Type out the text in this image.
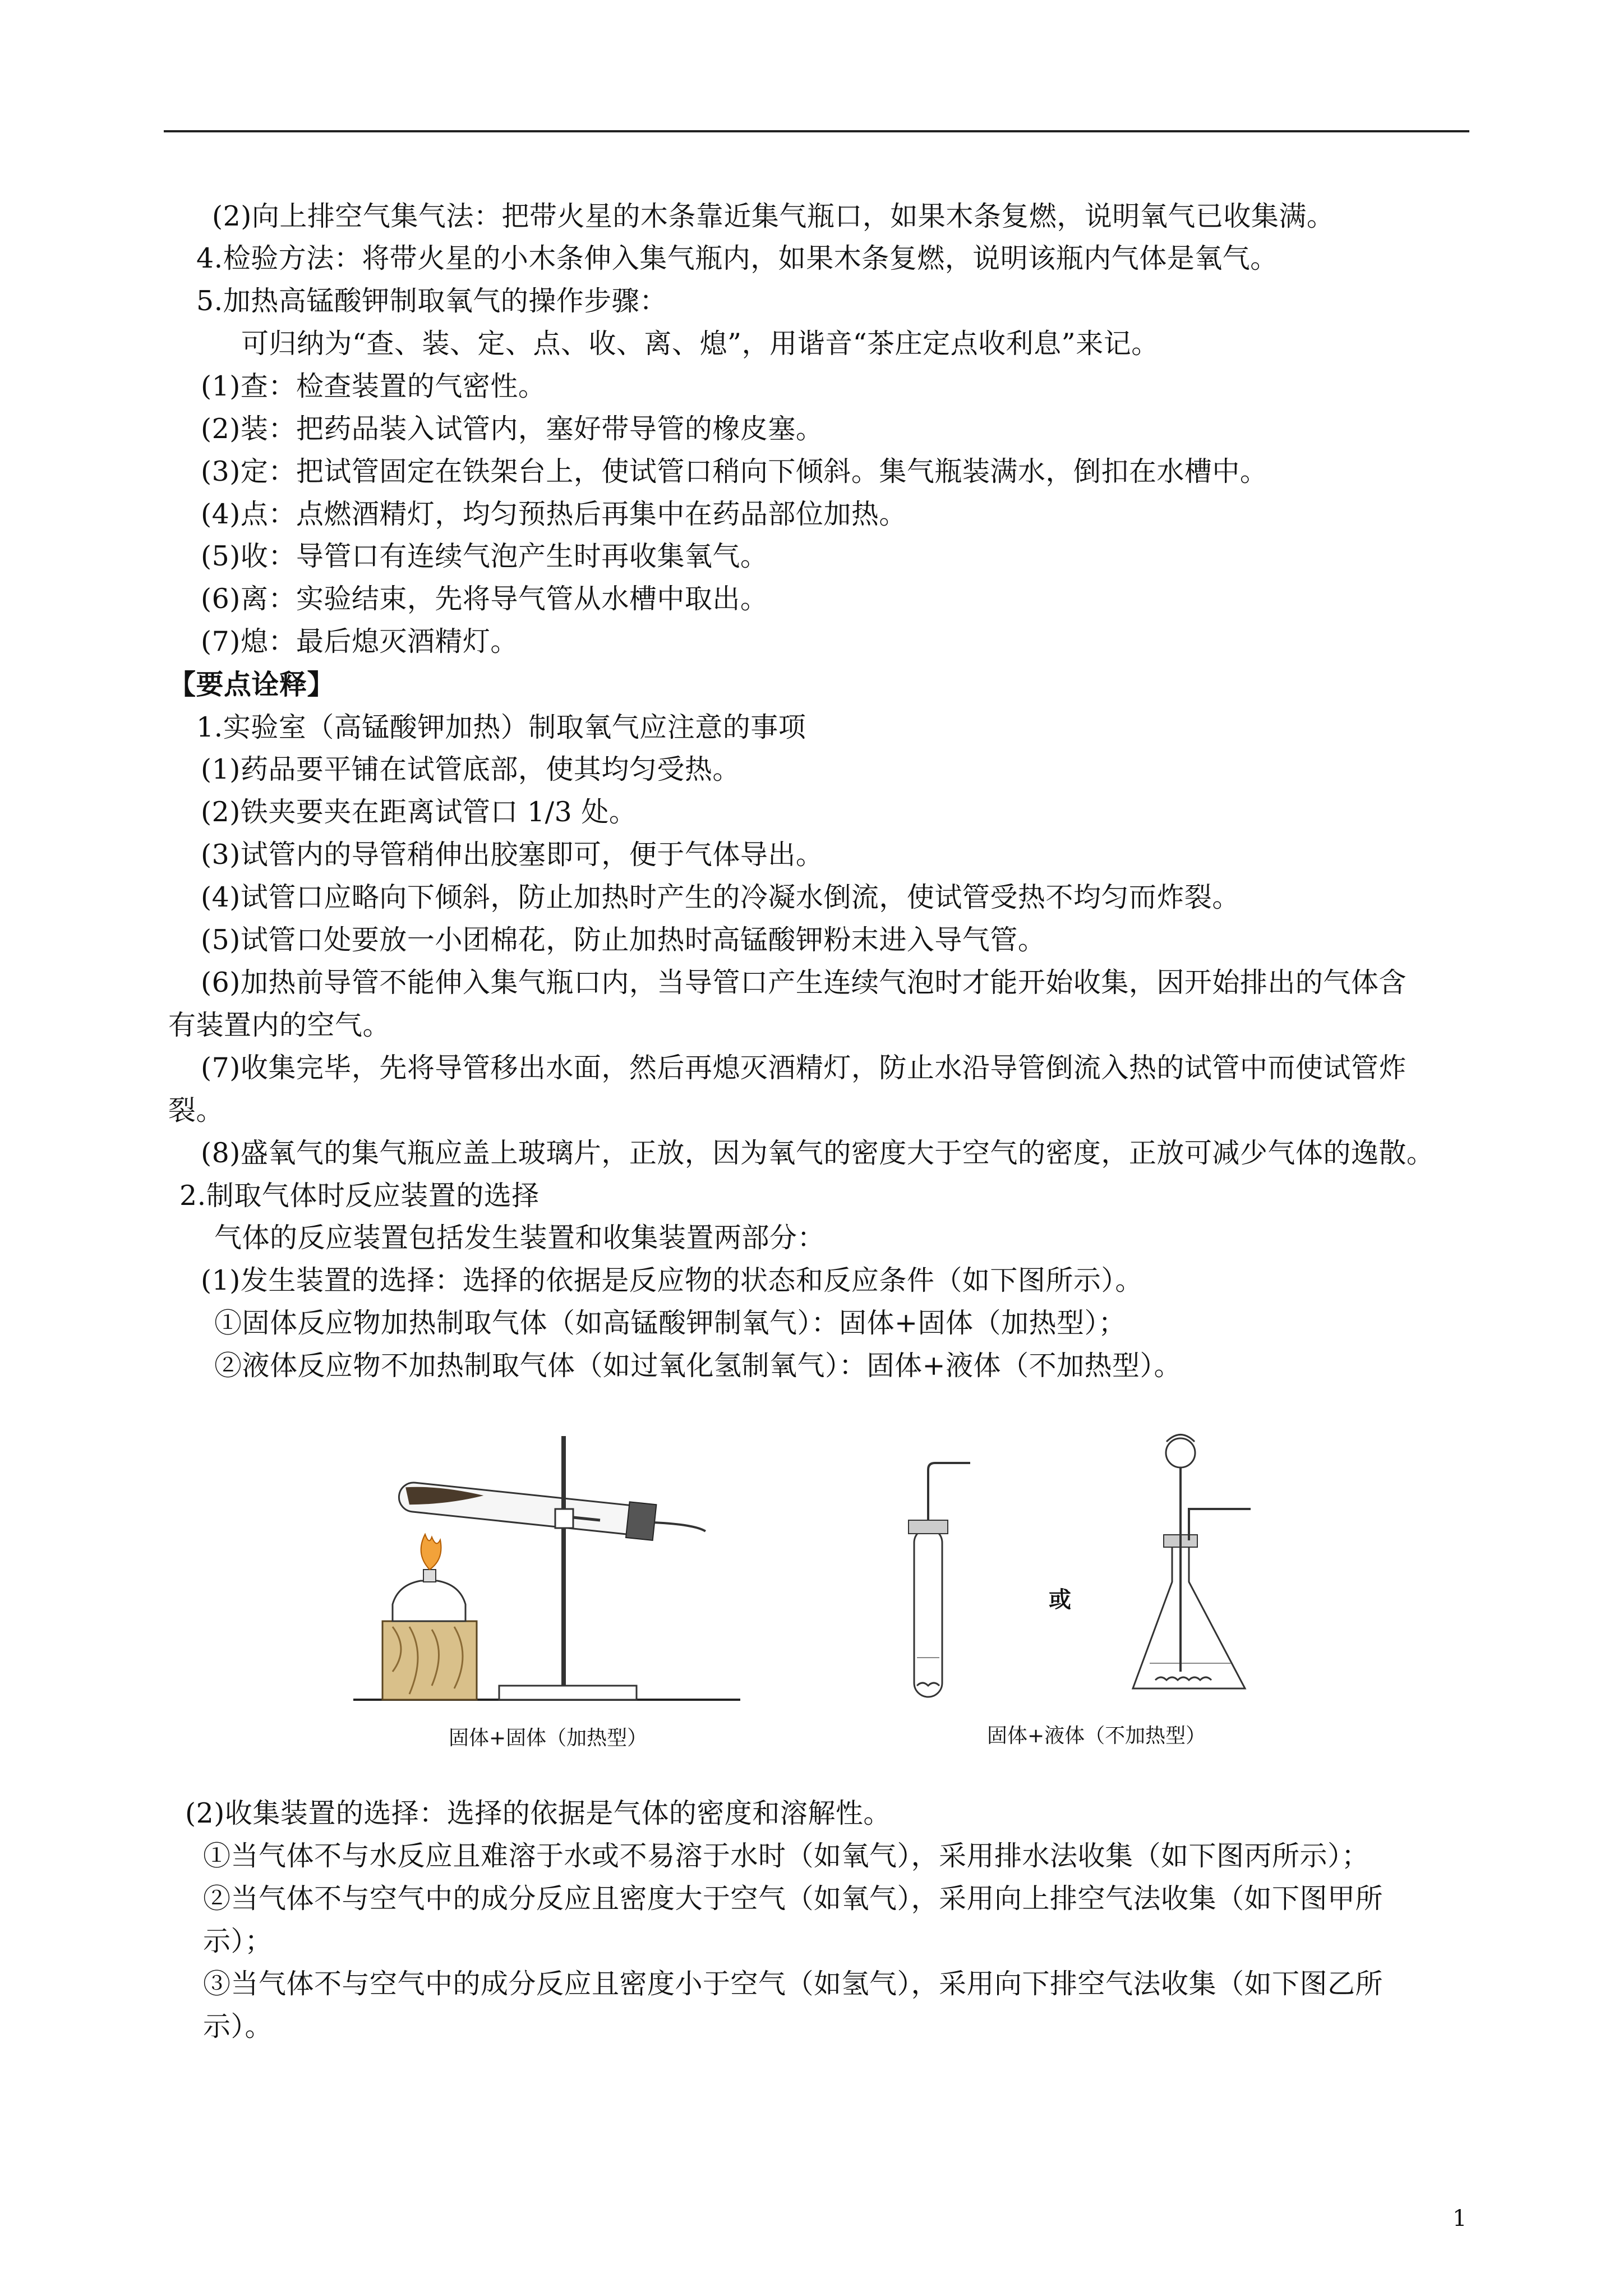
(2)向上排空气集气法：把带火星的木条靠近集气瓶口，如果木条复燃，说明氧气已收集满。
4.检验方法：将带火星的小木条伸入集气瓶内，如果木条复燃，说明该瓶内气体是氧气。
5.加热高锰酸钾制取氧气的操作步骤：
可归纳为“查、装、定、点、收、离、熄”，用谐音“茶庄定点收利息”来记。
(1)查：检查装置的气密性。
(2)装：把药品装入试管内，塞好带导管的橡皮塞。
(3)定：把试管固定在铁架台上，使试管口稍向下倾斜。集气瓶装满水，倒扣在水槽中。
(4)点：点燃酒精灯，均匀预热后再集中在药品部位加热。
(5)收：导管口有连续气泡产生时再收集氧气。
(6)离：实验结束，先将导气管从水槽中取出。
(7)熄：最后熄灭酒精灯。
【要点诠释】
1.实验室（高锰酸钾加热）制取氧气应注意的事项
(1)药品要平铺在试管底部，使其均匀受热。
(2)铁夹要夹在距离试管口 1/3 处。
(3)试管内的导管稍伸出胶塞即可，便于气体导出。
(4)试管口应略向下倾斜，防止加热时产生的冷凝水倒流，使试管受热不均匀而炸裂。
(5)试管口处要放一小团棉花，防止加热时高锰酸钾粉末进入导气管。
(6)加热前导管不能伸入集气瓶口内，当导管口产生连续气泡时才能开始收集，因开始排出的气体含
有装置内的空气。
(7)收集完毕，先将导管移出水面，然后再熄灭酒精灯，防止水沿导管倒流入热的试管中而使试管炸
裂。
(8)盛氧气的集气瓶应盖上玻璃片，正放，因为氧气的密度大于空气的密度，正放可减少气体的逸散。
2.制取气体时反应装置的选择
气体的反应装置包括发生装置和收集装置两部分：
(1)发生装置的选择：选择的依据是反应物的状态和反应条件（如下图所示）。
①固体反应物加热制取气体（如高锰酸钾制氧气）：固体+固体（加热型）；
②液体反应物不加热制取气体（如过氧化氢制氧气）：固体+液体（不加热型）。
或
固体+固体（加热型）	固体+液体（不加热型）
(2)收集装置的选择：选择的依据是气体的密度和溶解性。
①当气体不与水反应且难溶于水或不易溶于水时（如氧气），采用排水法收集（如下图丙所示）；
②当气体不与空气中的成分反应且密度大于空气（如氧气），采用向上排空气法收集（如下图甲所
示）；
③当气体不与空气中的成分反应且密度小于空气（如氢气），采用向下排空气法收集（如下图乙所
示）。
1
